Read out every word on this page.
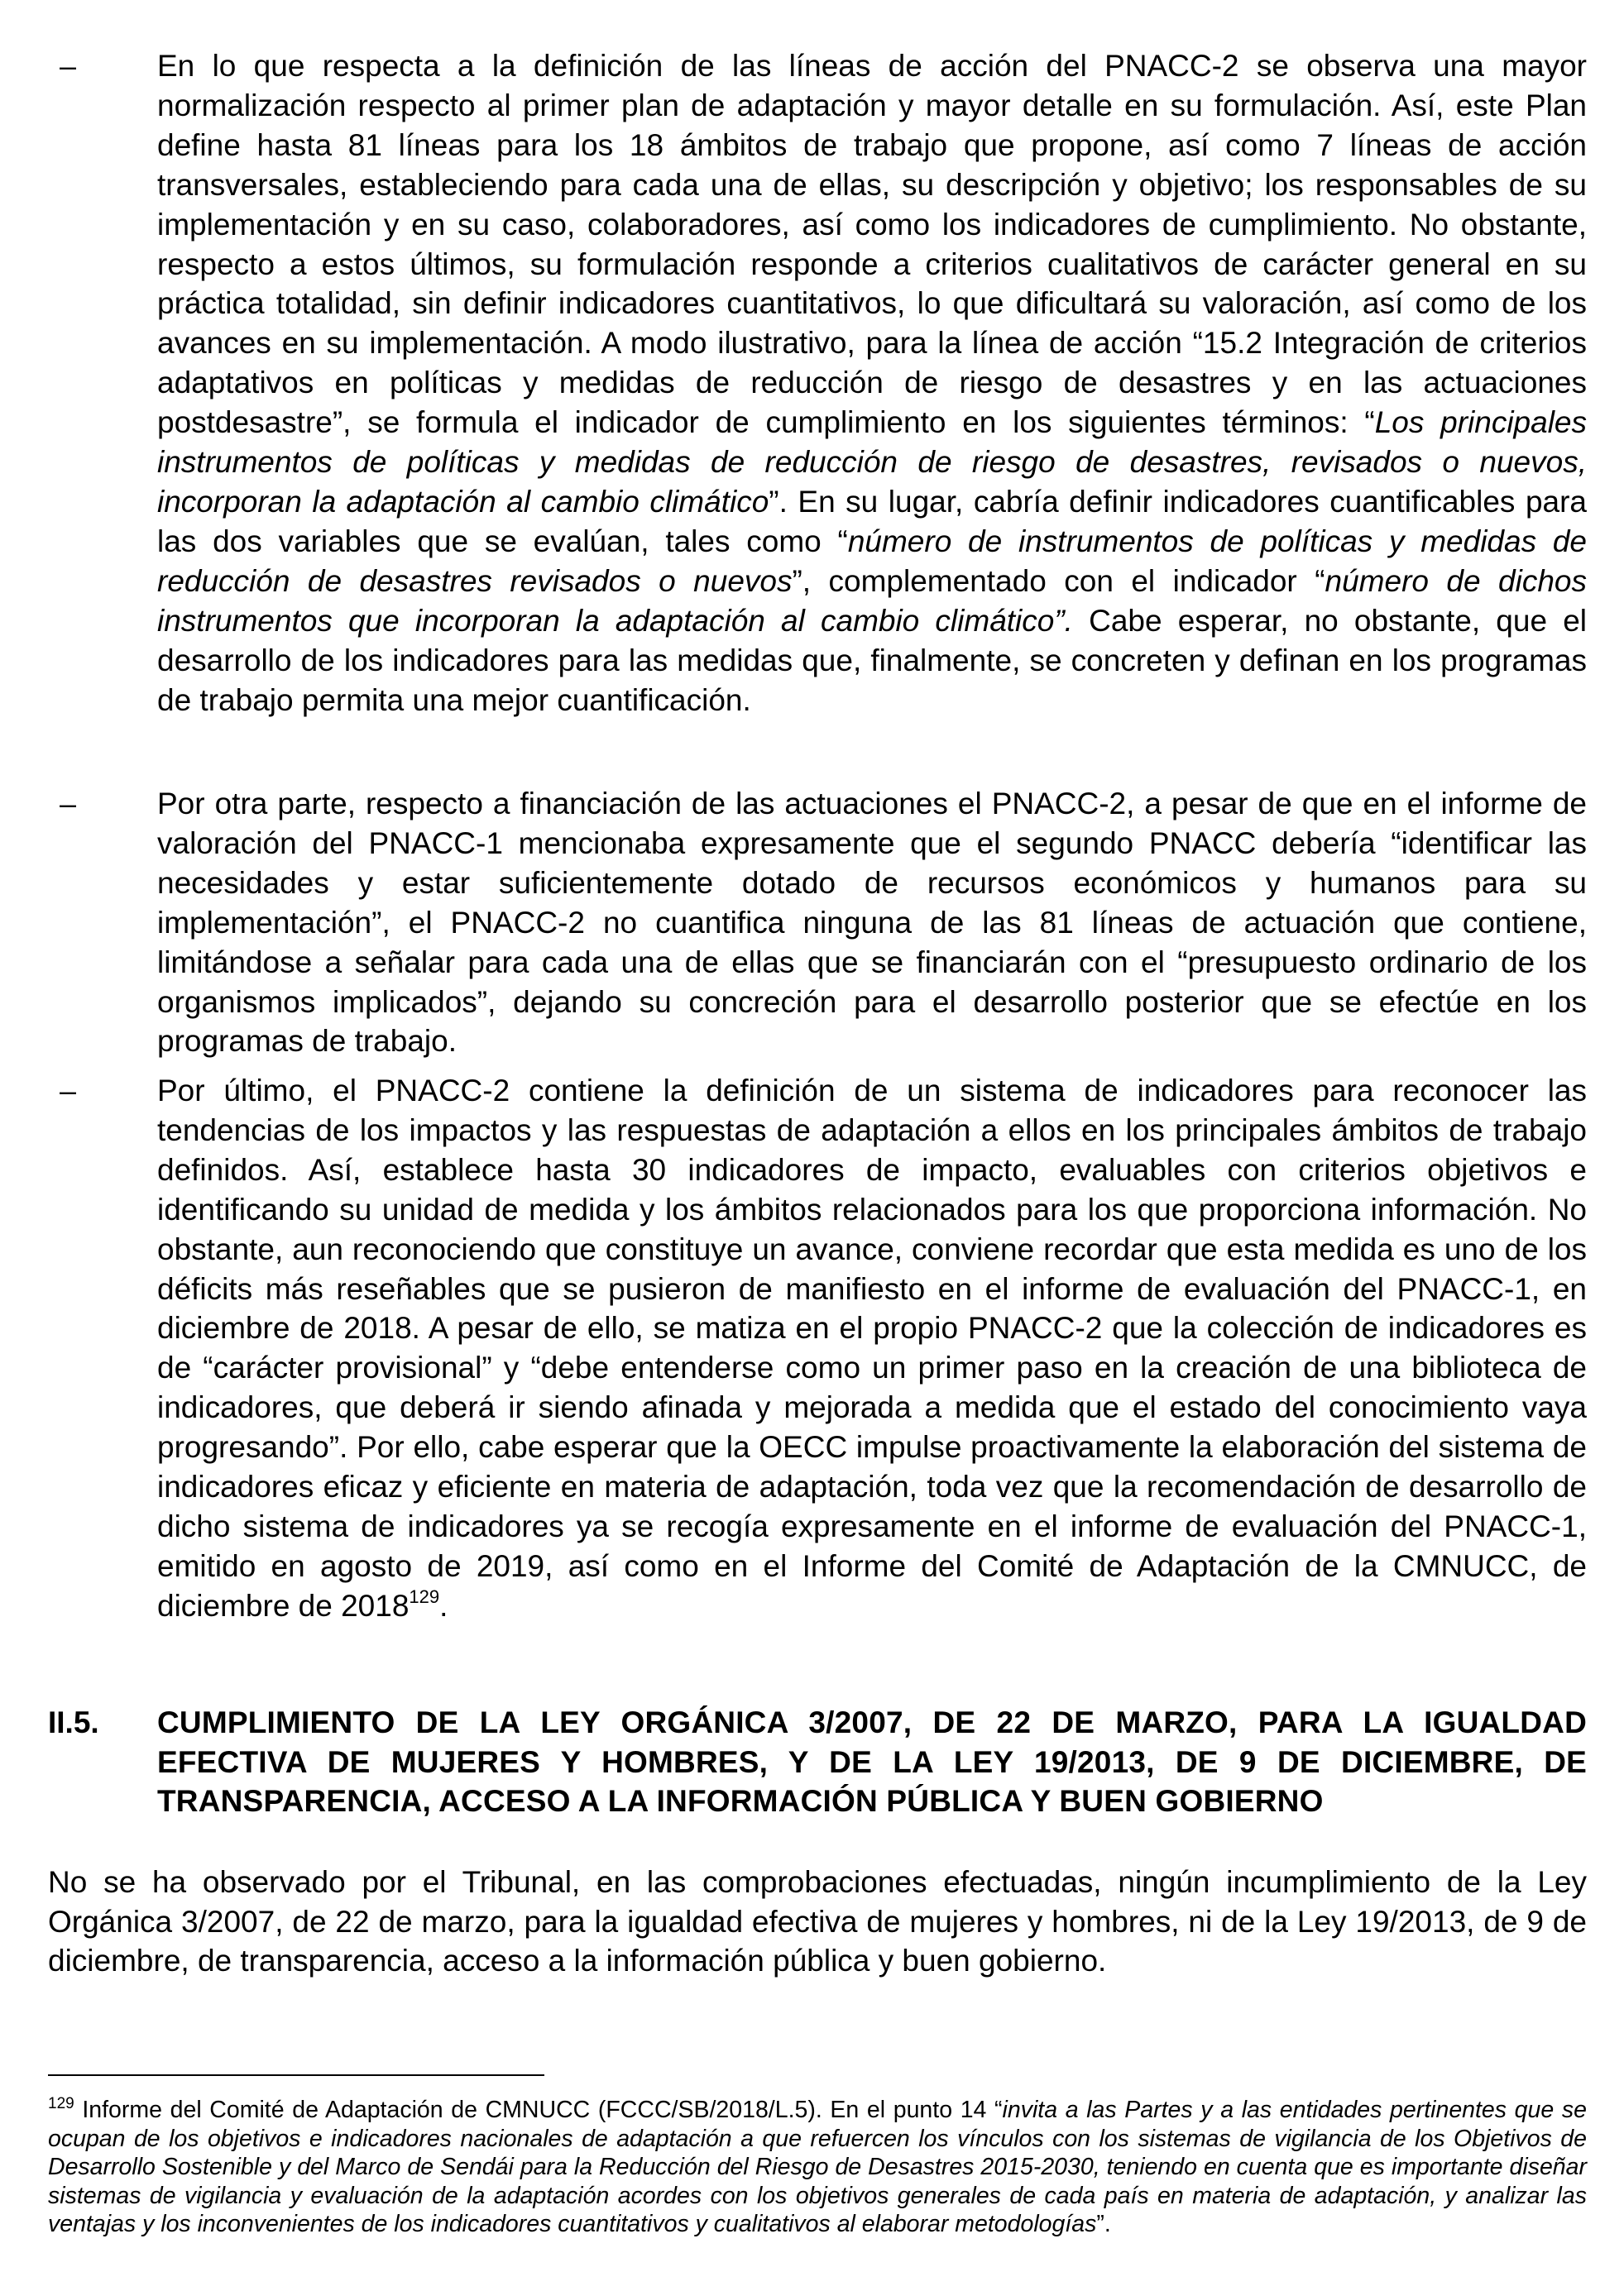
–	En lo que respecta a la definición de las líneas de acción del PNACC-2 se observa una mayor normalización respecto al primer plan de adaptación y mayor detalle en su formulación. Así, este Plan define hasta 81 líneas para los 18 ámbitos de trabajo que propone, así como 7 líneas de acción transversales, estableciendo para cada una de ellas, su descripción y objetivo; los responsables de su implementación y en su caso, colaboradores, así como los indicadores de cumplimiento. No obstante, respecto a estos últimos, su formulación responde a criterios cualitativos de carácter general en su práctica totalidad, sin definir indicadores cuantitativos, lo que dificultará su valoración, así como de los avances en su implementación. A modo ilustrativo, para la línea de acción “15.2 Integración de criterios adaptativos en políticas y medidas de reducción de riesgo de desastres y en las actuaciones postdesastre”, se formula el indicador de cumplimiento en los siguientes términos: “Los principales instrumentos de políticas y medidas de reducción de riesgo de desastres, revisados o nuevos, incorporan la adaptación al cambio climático”. En su lugar, cabría definir indicadores cuantificables para las dos variables que se evalúan, tales como “número de instrumentos de políticas y medidas de reducción de desastres revisados o nuevos”, complementado con el indicador “número de dichos instrumentos que incorporan la adaptación al cambio climático”. Cabe esperar, no obstante, que el desarrollo de los indicadores para las medidas que, finalmente, se concreten y definan en los programas de trabajo permita una mejor cuantificación.
–	Por otra parte, respecto a financiación de las actuaciones el PNACC-2, a pesar de que en el informe de valoración del PNACC-1 mencionaba expresamente que el segundo PNACC debería “identificar las necesidades y estar suficientemente dotado de recursos económicos y humanos para su implementación”, el PNACC-2 no cuantifica ninguna de las 81 líneas de actuación que contiene, limitándose a señalar para cada una de ellas que se financiarán con el “presupuesto ordinario de los organismos implicados”, dejando su concreción para el desarrollo posterior que se efectúe en los programas de trabajo.
–	Por último, el PNACC-2 contiene la definición de un sistema de indicadores para reconocer las tendencias de los impactos y las respuestas de adaptación a ellos en los principales ámbitos de trabajo definidos. Así, establece hasta 30 indicadores de impacto, evaluables con criterios objetivos e identificando su unidad de medida y los ámbitos relacionados para los que proporciona información. No obstante, aun reconociendo que constituye un avance, conviene recordar que esta medida es uno de los déficits más reseñables que se pusieron de manifiesto en el informe de evaluación del PNACC-1, en diciembre de 2018. A pesar de ello, se matiza en el propio PNACC-2 que la colección de indicadores es de “carácter provisional” y “debe entenderse como un primer paso en la creación de una biblioteca de indicadores, que deberá ir siendo afinada y mejorada a medida que el estado del conocimiento vaya progresando”. Por ello, cabe esperar que la OECC impulse proactivamente la elaboración del sistema de indicadores eficaz y eficiente en materia de adaptación, toda vez que la recomendación de desarrollo de dicho sistema de indicadores ya se recogía expresamente en el informe de evaluación del PNACC-1, emitido en agosto de 2019, así como en el Informe del Comité de Adaptación de la CMNUCC, de diciembre de 2018$^{129}$.
II.5. CUMPLIMIENTO DE LA LEY ORGÁNICA 3/2007, DE 22 DE MARZO, PARA LA IGUALDAD EFECTIVA DE MUJERES Y HOMBRES, Y DE LA LEY 19/2013, DE 9 DE DICIEMBRE, DE TRANSPARENCIA, ACCESO A LA INFORMACIÓN PÚBLICA Y BUEN GOBIERNO
No se ha observado por el Tribunal, en las comprobaciones efectuadas, ningún incumplimiento de la Ley Orgánica 3/2007, de 22 de marzo, para la igualdad efectiva de mujeres y hombres, ni de la Ley 19/2013, de 9 de diciembre, de transparencia, acceso a la información pública y buen gobierno.
$^{129}$ Informe del Comité de Adaptación de CMNUCC (FCCC/SB/2018/L.5). En el punto 14 “invita a las Partes y a las entidades pertinentes que se ocupan de los objetivos e indicadores nacionales de adaptación a que refuercen los vínculos con los sistemas de vigilancia de los Objetivos de Desarrollo Sostenible y del Marco de Sendái para la Reducción del Riesgo de Desastres 2015-2030, teniendo en cuenta que es importante diseñar sistemas de vigilancia y evaluación de la adaptación acordes con los objetivos generales de cada país en materia de adaptación, y analizar las ventajas y los inconvenientes de los indicadores cuantitativos y cualitativos al elaborar metodologías”.
